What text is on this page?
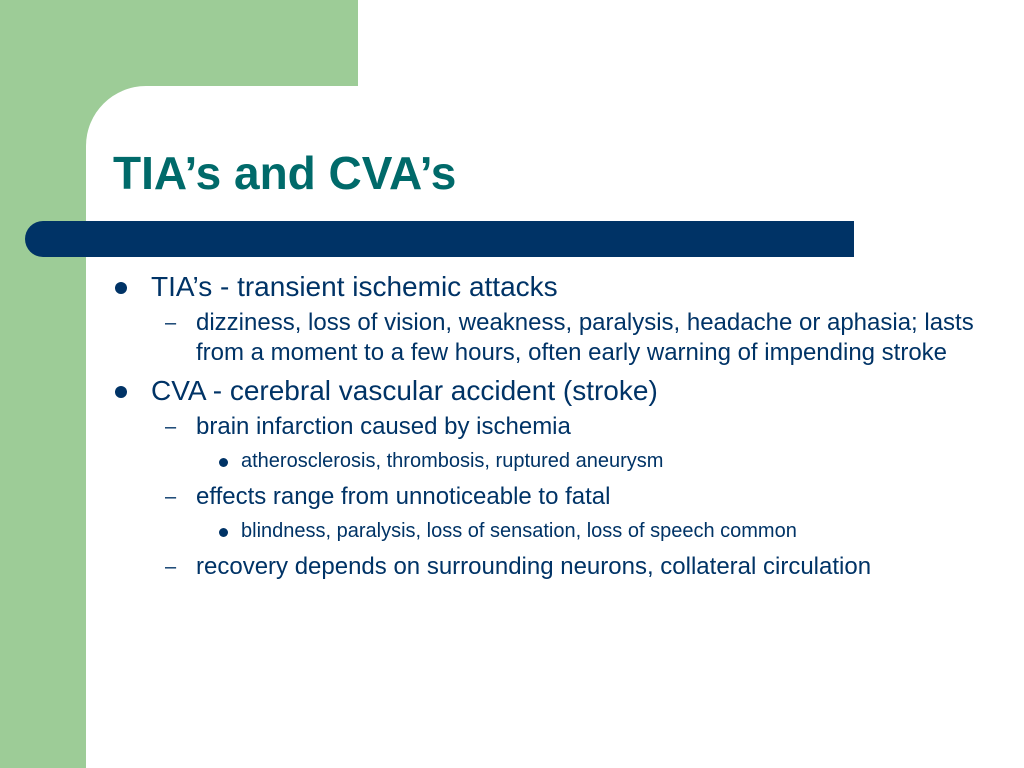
TIA’s and CVA’s
TIA’s - transient ischemic attacks
– dizziness, loss of vision, weakness, paralysis, headache or aphasia; lasts from a moment to a few hours, often early warning of impending stroke
CVA - cerebral vascular accident (stroke)
– brain infarction caused by ischemia
atherosclerosis, thrombosis, ruptured aneurysm
– effects range from unnoticeable to fatal
blindness, paralysis, loss of sensation, loss of speech common
– recovery depends on surrounding neurons, collateral circulation
